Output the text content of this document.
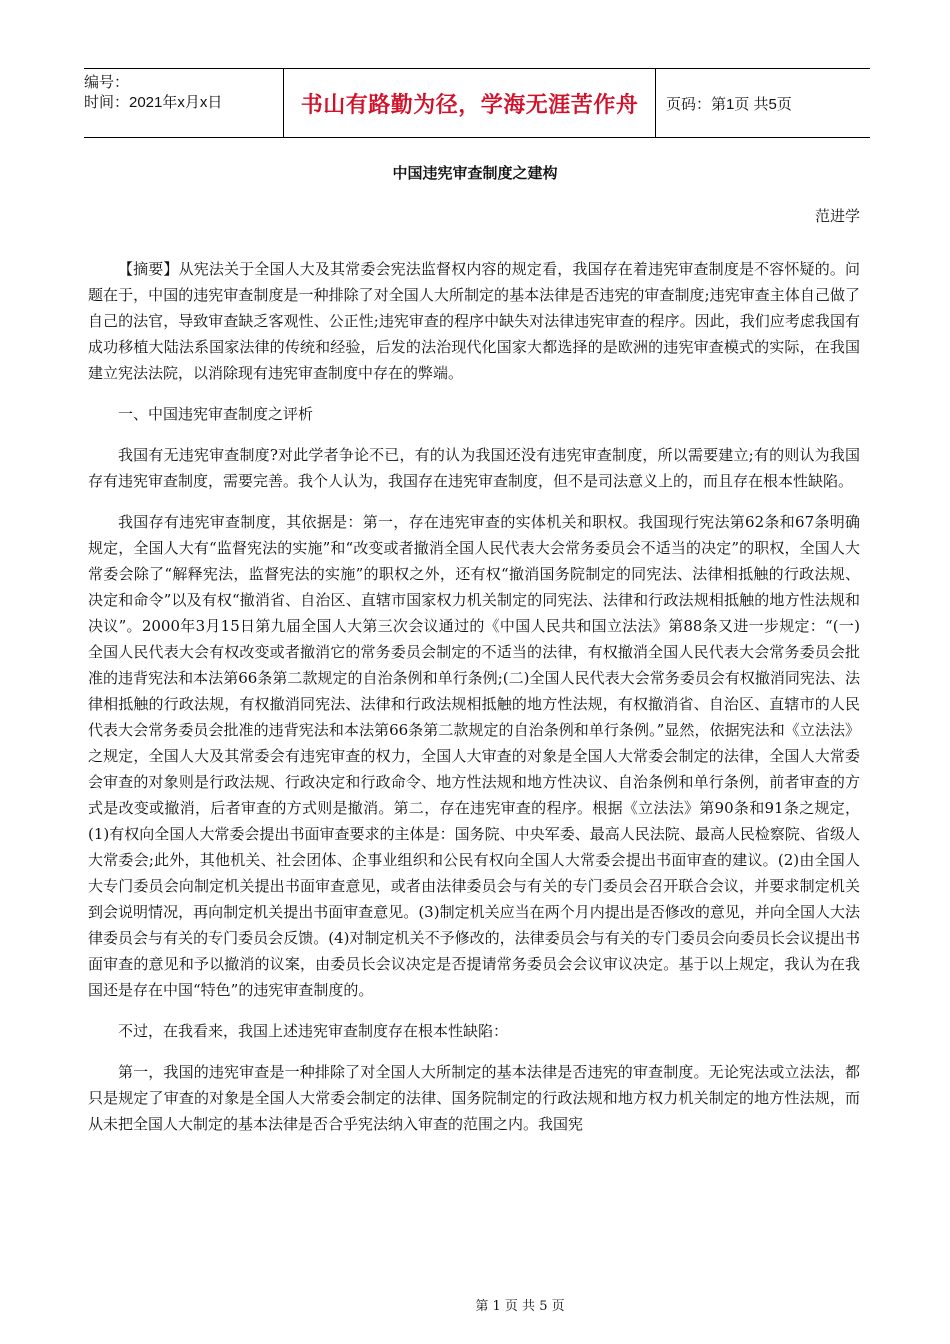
编号：
时间：2021年x月x日	书山有路勤为径，学海无涯苦作舟	页码：第1页 共5页
中国违宪审查制度之建构
范进学

【摘要】从宪法关于全国人大及其常委会宪法监督权内容的规定看，我国存在着违宪审查制度是不容怀疑的。问题在于，中国的违宪审查制度是一种排除了对全国人大所制定的基本法律是否违宪的审查制度;违宪审查主体自己做了自己的法官，导致审查缺乏客观性、公正性;违宪审查的程序中缺失对法律违宪审查的程序。因此，我们应考虑我国有成功移植大陆法系国家法律的传统和经验，后发的法治现代化国家大都选择的是欧洲的违宪审查模式的实际，在我国建立宪法法院，以消除现有违宪审查制度中存在的弊端。

一、中国违宪审查制度之评析

我国有无违宪审查制度?对此学者争论不已，有的认为我国还没有违宪审查制度，所以需要建立;有的则认为我国存有违宪审查制度，需要完善。我个人认为，我国存在违宪审查制度，但不是司法意义上的，而且存在根本性缺陷。

我国存有违宪审查制度，其依据是：第一，存在违宪审查的实体机关和职权。我国现行宪法第62条和67条明确规定，全国人大有“监督宪法的实施”和“改变或者撤消全国人民代表大会常务委员会不适当的决定”的职权，全国人大常委会除了“解释宪法，监督宪法的实施”的职权之外，还有权“撤消国务院制定的同宪法、法律相抵触的行政法规、决定和命令”以及有权“撤消省、自治区、直辖市国家权力机关制定的同宪法、法律和行政法规相抵触的地方性法规和决议”。2000年3月15日第九届全国人大第三次会议通过的《中国人民共和国立法法》第88条又进一步规定：“(一)全国人民代表大会有权改变或者撤消它的常务委员会制定的不适当的法律，有权撤消全国人民代表大会常务委员会批准的违背宪法和本法第66条第二款规定的自治条例和单行条例;(二)全国人民代表大会常务委员会有权撤消同宪法、法律相抵触的行政法规，有权撤消同宪法、法律和行政法规相抵触的地方性法规，有权撤消省、自治区、直辖市的人民代表大会常务委员会批准的违背宪法和本法第66条第二款规定的自治条例和单行条例。”显然，依据宪法和《立法法》之规定，全国人大及其常委会有违宪审查的权力，全国人大审查的对象是全国人大常委会制定的法律，全国人大常委会审查的对象则是行政法规、行政决定和行政命令、地方性法规和地方性决议、自治条例和单行条例，前者审查的方式是改变或撤消，后者审查的方式则是撤消。第二，存在违宪审查的程序。根据《立法法》第90条和91条之规定，(1)有权向全国人大常委会提出书面审查要求的主体是：国务院、中央军委、最高人民法院、最高人民检察院、省级人大常委会;此外，其他机关、社会团体、企事业组织和公民有权向全国人大常委会提出书面审查的建议。(2)由全国人大专门委员会向制定机关提出书面审查意见，或者由法律委员会与有关的专门委员会召开联合会议，并要求制定机关到会说明情况，再向制定机关提出书面审查意见。(3)制定机关应当在两个月内提出是否修改的意见，并向全国人大法律委员会与有关的专门委员会反馈。(4)对制定机关不予修改的，法律委员会与有关的专门委员会向委员长会议提出书面审查的意见和予以撤消的议案，由委员长会议决定是否提请常务委员会会议审议决定。基于以上规定，我认为在我国还是存在中国“特色”的违宪审查制度的。

不过，在我看来，我国上述违宪审查制度存在根本性缺陷：

第一，我国的违宪审查是一种排除了对全国人大所制定的基本法律是否违宪的审查制度。无论宪法或立法法，都只是规定了审查的对象是全国人大常委会制定的法律、国务院制定的行政法规和地方权力机关制定的地方性法规，而从未把全国人大制定的基本法律是否合乎宪法纳入审查的范围之内。我国宪

第 1 页 共 5 页
